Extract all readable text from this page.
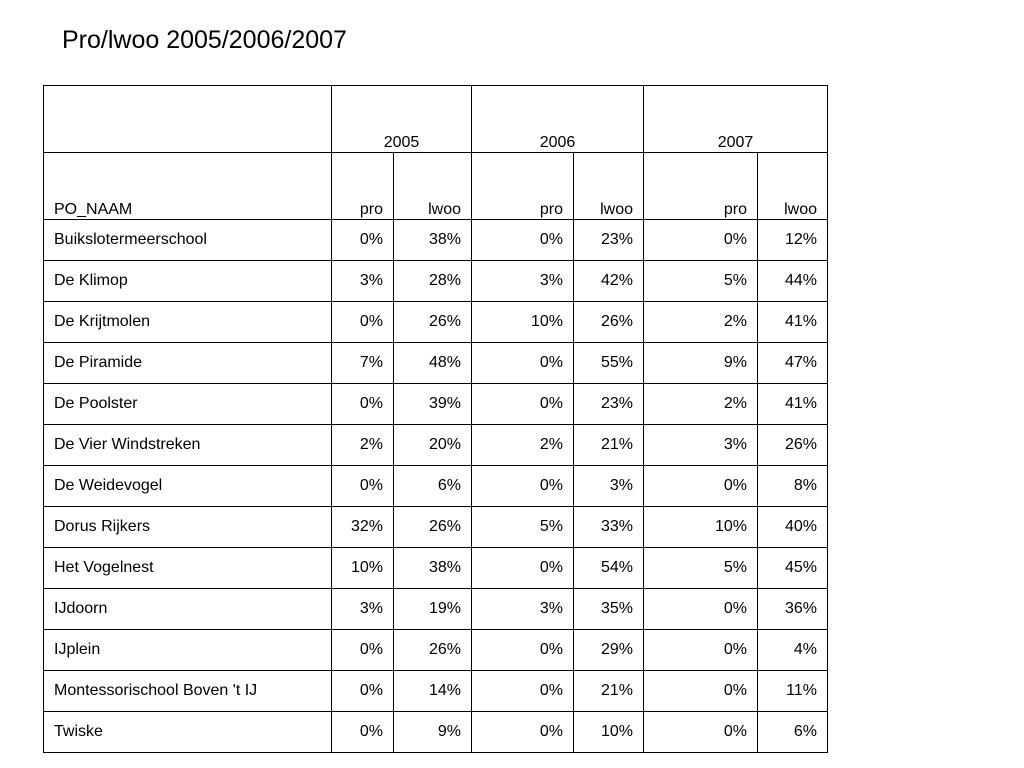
Pro/lwoo 2005/2006/2007
	2005		2006		2007	
PO_NAAM	pro	lwoo	pro	lwoo	pro	lwoo
Buikslotermeerschool	0%	38%	0%	23%	0%	12%
De Klimop	3%	28%	3%	42%	5%	44%
De Krijtmolen	0%	26%	10%	26%	2%	41%
De Piramide	7%	48%	0%	55%	9%	47%
De Poolster	0%	39%	0%	23%	2%	41%
De Vier Windstreken	2%	20%	2%	21%	3%	26%
De Weidevogel	0%	6%	0%	3%	0%	8%
Dorus Rijkers	32%	26%	5%	33%	10%	40%
Het Vogelnest	10%	38%	0%	54%	5%	45%
IJdoorn	3%	19%	3%	35%	0%	36%
IJplein	0%	26%	0%	29%	0%	4%
Montessorischool Boven 't IJ	0%	14%	0%	21%	0%	11%
Twiske	0%	9%	0%	10%	0%	6%
